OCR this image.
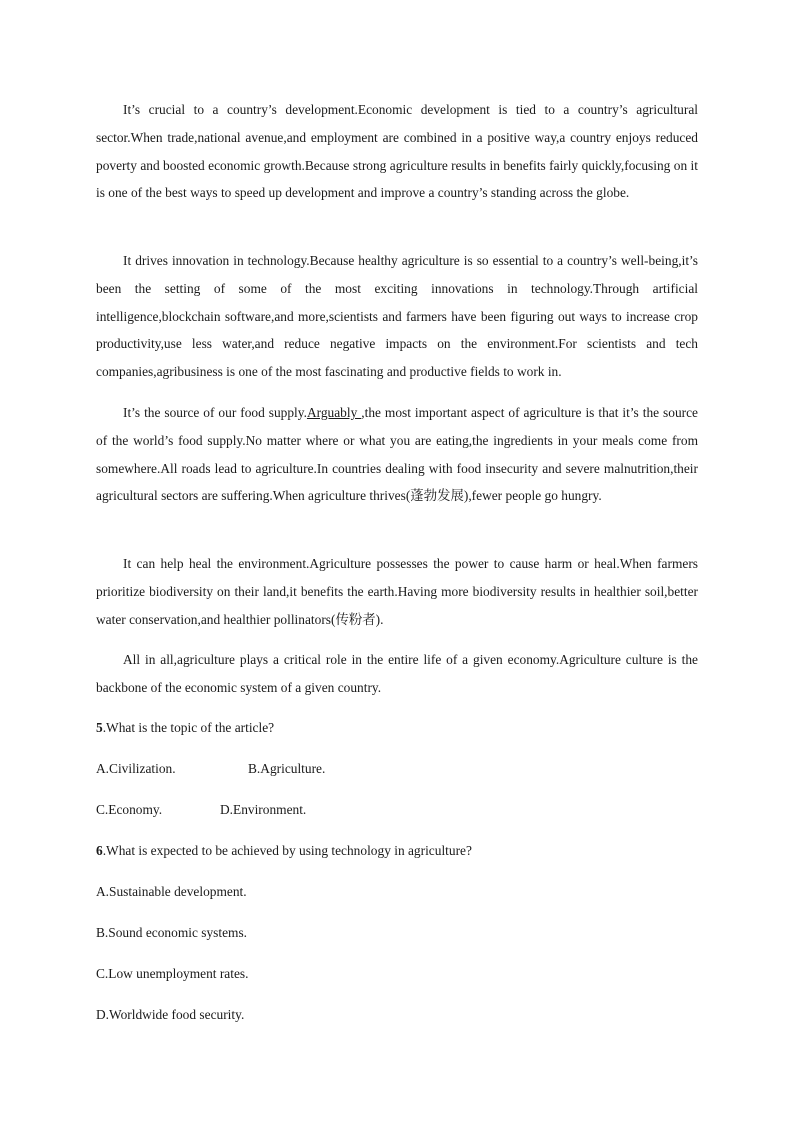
It’s crucial to a country’s development.Economic development is tied to a country’s agricultural sector.When trade,national avenue,and employment are combined in a positive way,a country enjoys reduced poverty and boosted economic growth.Because strong agriculture results in benefits fairly quickly,focusing on it is one of the best ways to speed up development and improve a country’s standing across the globe.

It drives innovation in technology.Because healthy agriculture is so essential to a country’s well-being,it’s been the setting of some of the most exciting innovations in technology.Through artificial intelligence,blockchain software,and more,scientists and farmers have been figuring out ways to increase crop productivity,use less water,and reduce negative impacts on the environment.For scientists and tech companies,agribusiness is one of the most fascinating and productive fields to work in.

It’s the source of our food supply.Arguably ,the most important aspect of agriculture is that it’s the source of the world’s food supply.No matter where or what you are eating,the ingredients in your meals come from somewhere.All roads lead to agriculture.In countries dealing with food insecurity and severe malnutrition,their agricultural sectors are suffering.When agriculture thrives(蓬勃发展),fewer people go hungry.

It can help heal the environment.Agriculture possesses the power to cause harm or heal.When farmers prioritize biodiversity on their land,it benefits the earth.Having more biodiversity results in healthier soil,better water conservation,and healthier pollinators(传粉者).

All in all,agriculture plays a critical role in the entire life of a given economy.Agriculture culture is the backbone of the economic system of a given country.

5.What is the topic of the article?
A.Civilization.	B.Agriculture.
C.Economy.	D.Environment.
6.What is expected to be achieved by using technology in agriculture?
A.Sustainable development.
B.Sound economic systems.
C.Low unemployment rates.
D.Worldwide food security.
